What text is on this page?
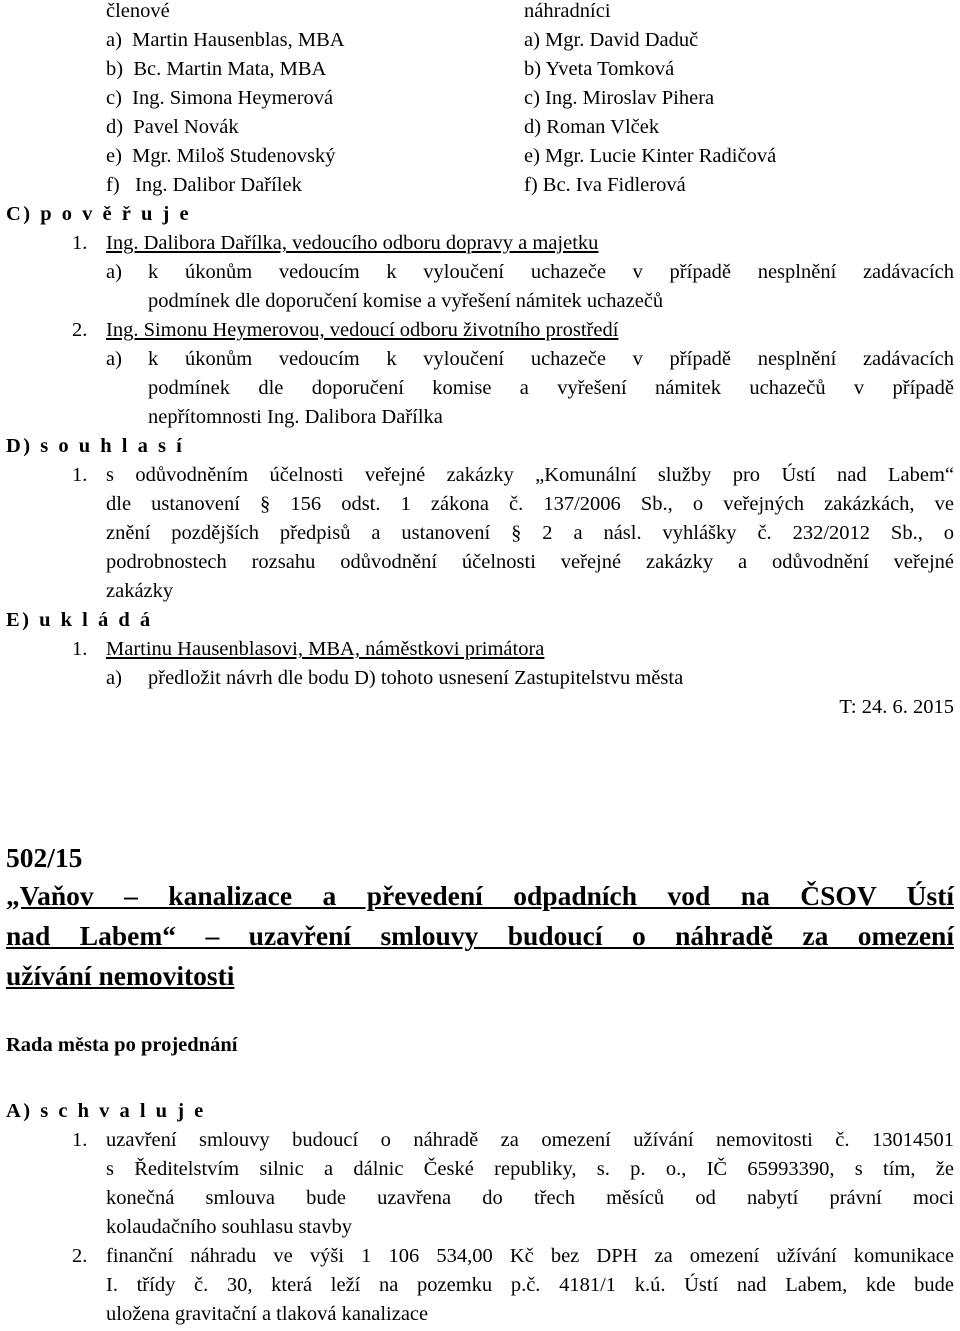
členové	náhradníci
a)  Martin Hausenblas, MBA
b)  Bc. Martin Mata, MBA
c)  Ing. Simona Heymerová
d)  Pavel Novák
e)  Mgr. Miloš Studenovský
f)   Ing. Dalibor Dařílek
a) Mgr. David Daduč
b) Yveta Tomková
c) Ing. Miroslav Pihera
d) Roman Vlček
e) Mgr. Lucie Kinter Radičová
f) Bc. Iva Fidlerová
C) p o v ě ř u j e
1. Ing. Dalibora Dařílka, vedoucího odboru dopravy a majetku
a) k úkonům vedoucím k vyloučení uchazeče v případě nesplnění zadávacích
podmínek dle doporučení komise a vyřešení námitek uchazečů
2. Ing. Simonu Heymerovou, vedoucí odboru životního prostředí
a) k úkonům vedoucím k vyloučení uchazeče v případě nesplnění zadávacích
podmínek dle doporučení komise a vyřešení námitek uchazečů v případě
nepřítomnosti Ing. Dalibora Dařílka
D) s o u h l a s í
1. s odůvodněním účelnosti veřejné zakázky „Komunální služby pro Ústí nad Labem“
dle ustanovení § 156 odst. 1 zákona č. 137/2006 Sb., o veřejných zakázkách, ve
znění pozdějších předpisů a ustanovení § 2 a násl. vyhlášky č. 232/2012 Sb., o
podrobnostech rozsahu odůvodnění účelnosti veřejné zakázky a odůvodnění veřejné
zakázky
E) u k l á d á
1. Martinu Hausenblasovi, MBA, náměstkovi primátora
a) předložit návrh dle bodu D) tohoto usnesení Zastupitelstvu města
T: 24. 6. 2015
502/15
„Vaňov – kanalizace a převedení odpadních vod na ČSOV Ústí
nad Labem“ – uzavření smlouvy budoucí o náhradě za omezení
užívání nemovitosti
Rada města po projednání
A) s c h v a l u j e
1. uzavření smlouvy budoucí o náhradě za omezení užívání nemovitosti č. 13014501
s Ředitelstvím silnic a dálnic České republiky, s. p. o., IČ 65993390, s tím, že
konečná smlouva bude uzavřena do třech měsíců od nabytí právní moci
kolaudačního souhlasu stavby
2. finanční náhradu ve výši 1 106 534,00 Kč bez DPH za omezení užívání komunikace
I. třídy č. 30, která leží na pozemku p.č. 4181/1 k.ú. Ústí nad Labem, kde bude
uložena gravitační a tlaková kanalizace
